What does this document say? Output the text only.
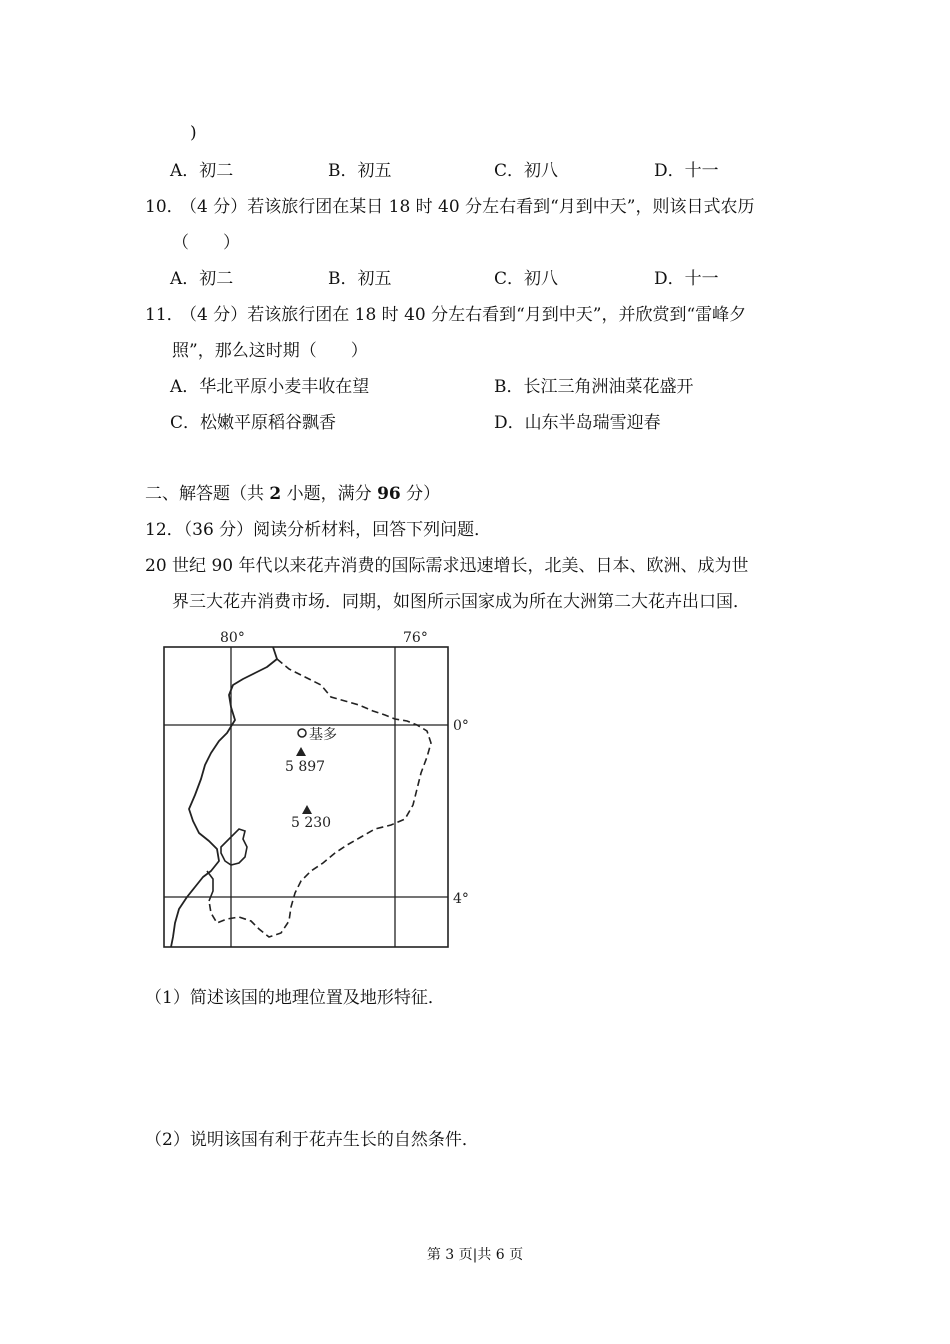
)
A．初二	B．初五	C．初八	D．十一
10．
（4 分）若该旅行团在某日 18 时 40 分左右看到“月到中天”，则该日式农历
（　　）
A．初二	B．初五	C．初八	D．十一
11．
（4 分）若该旅行团在 18 时 40 分左右看到“月到中天”，并欣赏到“雷峰夕
照”，那么这时期（　　）
A．华北平原小麦丰收在望	B．长江三角洲油菜花盛开
C．松嫩平原稻谷飘香	D．山东半岛瑞雪迎春
二、解答题（共 2 小题，满分 96 分）
12．（36 分）阅读分析材料，回答下列问题．
20 世纪 90 年代以来花卉消费的国际需求迅速增长，北美、日本、欧洲、成为世
界三大花卉消费市场．同期，如图所示国家成为所在大洲第二大花卉出口国．
80°	76°
0°
4°
基多
5 897
5 230
（1）简述该国的地理位置及地形特征．
（2）说明该国有利于花卉生长的自然条件．
第 3 页|共 6 页
